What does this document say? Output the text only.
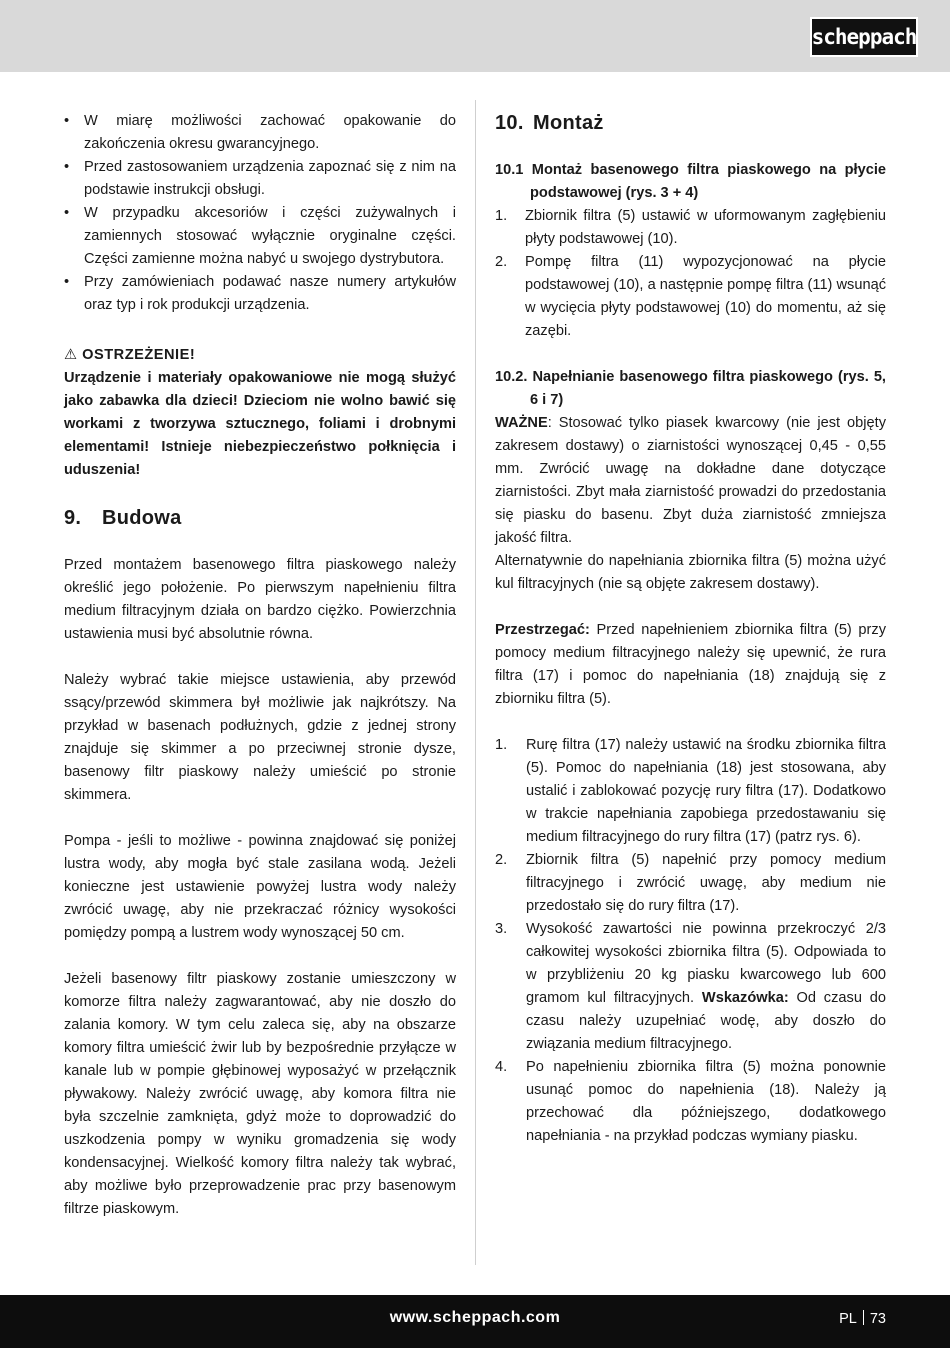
scheppach
• W miarę możliwości zachować opakowanie do zakończenia okresu gwarancyjnego.
• Przed zastosowaniem urządzenia zapoznać się z nim na podstawie instrukcji obsługi.
• W przypadku akcesoriów i części zużywalnych i zamiennych stosować wyłącznie oryginalne części. Części zamienne można nabyć u swojego dystrybutora.
• Przy zamówieniach podawać nasze numery artykułów oraz typ i rok produkcji urządzenia.

⚠ OSTRZEŻENIE!

Urządzenie i materiały opakowaniowe nie mogą służyć jako zabawka dla dzieci! Dzieciom nie wolno bawić się workami z tworzywa sztucznego, foliami i drobnymi elementami! Istnieje niebezpieczeństwo połknięcia i uduszenia!

9. Budowa

Przed montażem basenowego filtra piaskowego należy określić jego położenie. Po pierwszym napełnieniu filtra medium filtracyjnym działa on bardzo ciężko. Powierzchnia ustawienia musi być absolutnie równa.

Należy wybrać takie miejsce ustawienia, aby przewód ssący/przewód skimmera był możliwie jak najkrótszy. Na przykład w basenach podłużnych, gdzie z jednej strony znajduje się skimmer a po przeciwnej stronie dysze, basenowy filtr piaskowy należy umieścić po stronie skimmera.

Pompa - jeśli to możliwe - powinna znajdować się poniżej lustra wody, aby mogła być stale zasilana wodą. Jeżeli konieczne jest ustawienie powyżej lustra wody należy zwrócić uwagę, aby nie przekraczać różnicy wysokości pomiędzy pompą a lustrem wody wynoszącej 50 cm.

Jeżeli basenowy filtr piaskowy zostanie umieszczony w komorze filtra należy zagwarantować, aby nie doszło do zalania komory. W tym celu zaleca się, aby na obszarze komory filtra umieścić żwir lub by bezpośrednie przyłącze w kanale lub w pompie głębinowej wyposażyć w przełącznik pływakowy. Należy zwrócić uwagę, aby komora filtra nie była szczelnie zamknięta, gdyż może to doprowadzić do uszkodzenia pompy w wyniku gromadzenia się wody kondensacyjnej. Wielkość komory filtra należy tak wybrać, aby możliwe było przeprowadzenie prac przy basenowym filtrze piaskowym.

10. Montaż

10.1 Montaż basenowego filtra piaskowego na płycie podstawowej (rys. 3 + 4)

1. Zbiornik filtra (5) ustawić w uformowanym zagłębieniu płyty podstawowej (10).
2. Pompę filtra (11) wypozycjonować na płycie podstawowej (10), a następnie pompę filtra (11) wsunąć w wycięcia płyty podstawowej (10) do momentu, aż się zazębi.

10.2. Napełnianie basenowego filtra piaskowego (rys. 5, 6 i 7)

WAŻNE: Stosować tylko piasek kwarcowy (nie jest objęty zakresem dostawy) o ziarnistości wynoszącej 0,45 - 0,55 mm. Zwrócić uwagę na dokładne dane dotyczące ziarnistości. Zbyt mała ziarnistość prowadzi do przedostania się piasku do basenu. Zbyt duża ziarnistość zmniejsza jakość filtra.

Alternatywnie do napełniania zbiornika filtra (5) można użyć kul filtracyjnych (nie są objęte zakresem dostawy).

Przestrzegać: Przed napełnieniem zbiornika filtra (5) przy pomocy medium filtracyjnego należy się upewnić, że rura filtra (17) i pomoc do napełniania (18) znajdują się z zbiorniku filtra (5).

1. Rurę filtra (17) należy ustawić na środku zbiornika filtra (5). Pomoc do napełniania (18) jest stosowana, aby ustalić i zablokować pozycję rury filtra (17). Dodatkowo w trakcie napełniania zapobiega przedostawaniu się medium filtracyjnego do rury filtra (17) (patrz rys. 6).
2. Zbiornik filtra (5) napełnić przy pomocy medium filtracyjnego i zwrócić uwagę, aby medium nie przedostało się do rury filtra (17).
3. Wysokość zawartości nie powinna przekroczyć 2/3 całkowitej wysokości zbiornika filtra (5). Odpowiada to w przybliżeniu 20 kg piasku kwarcowego lub 600 gramom kul filtracyjnych. Wskazówka: Od czasu do czasu należy uzupełniać wodę, aby doszło do związania medium filtracyjnego.
4. Po napełnieniu zbiornika filtra (5) można ponownie usunąć pomoc do napełnienia (18). Należy ją przechować dla późniejszego, dodatkowego napełniania - na przykład podczas wymiany piasku.
www.scheppach.com	PL 73
